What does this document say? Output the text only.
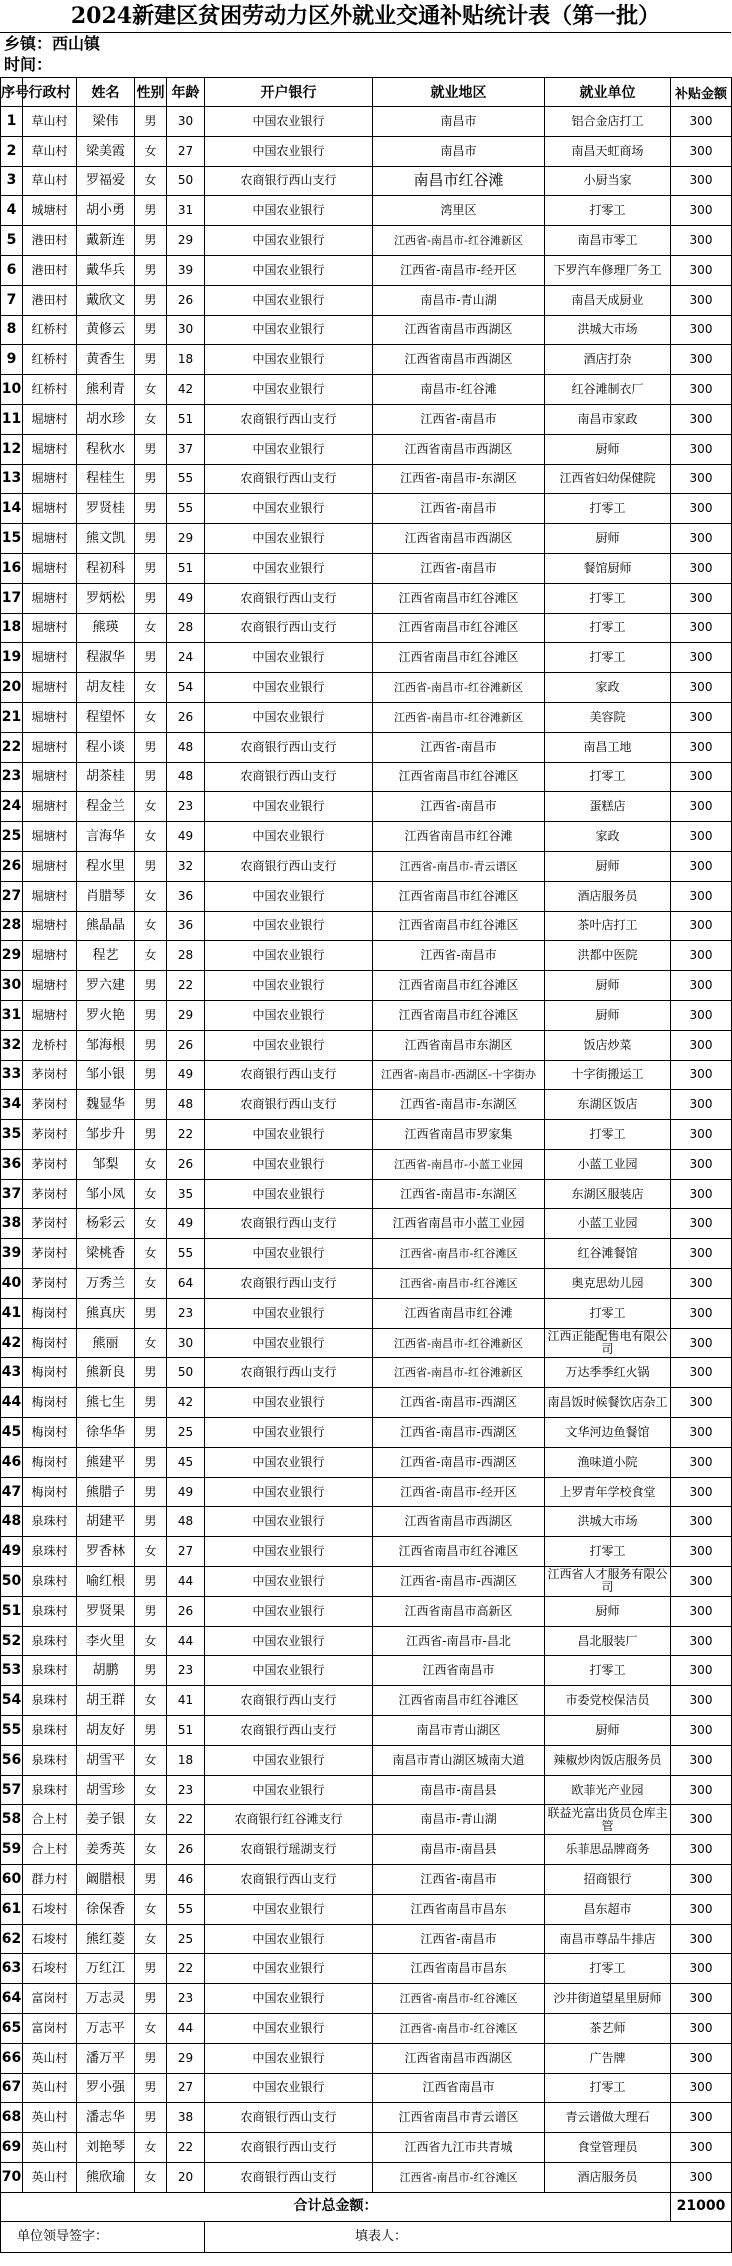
2024新建区贫困劳动力区外就业交通补贴统计表（第一批）
乡镇：西山镇
时间：
序号	行政村	姓名	性别	年龄	开户银行	就业地区	就业单位	补贴金额
1	草山村	梁伟	男	30	中国农业银行	南昌市	铝合金店打工	300
2	草山村	梁美霞	女	27	中国农业银行	南昌市	南昌天虹商场	300
3	草山村	罗福爱	女	50	农商银行西山支行	南昌市红谷滩	小厨当家	300
4	城塘村	胡小勇	男	31	中国农业银行	湾里区	打零工	300
5	港田村	戴新连	男	29	中国农业银行	江西省-南昌市-红谷滩新区	南昌市零工	300
6	港田村	戴华兵	男	39	中国农业银行	江西省-南昌市-经开区	下罗汽车修理厂务工	300
7	港田村	戴欣文	男	26	中国农业银行	南昌市-青山湖	南昌天成厨业	300
8	红桥村	黄修云	男	30	中国农业银行	江西省南昌市西湖区	洪城大市场	300
9	红桥村	黄香生	男	18	中国农业银行	江西省南昌市西湖区	酒店打杂	300
10	红桥村	熊利青	女	42	中国农业银行	南昌市-红谷滩	红谷滩制衣厂	300
11	堀塘村	胡水珍	女	51	农商银行西山支行	江西省-南昌市	南昌市家政	300
12	堀塘村	程秋水	男	37	中国农业银行	江西省南昌市西湖区	厨师	300
13	堀塘村	程桂生	男	55	农商银行西山支行	江西省-南昌市-东湖区	江西省妇幼保健院	300
14	堀塘村	罗贤桂	男	55	中国农业银行	江西省-南昌市	打零工	300
15	堀塘村	熊文凯	男	29	中国农业银行	江西省南昌市西湖区	厨师	300
16	堀塘村	程初科	男	51	中国农业银行	江西省-南昌市	餐馆厨师	300
17	堀塘村	罗炳松	男	49	农商银行西山支行	江西省南昌市红谷滩区	打零工	300
18	堀塘村	熊瑛	女	28	农商银行西山支行	江西省南昌市红谷滩区	打零工	300
19	堀塘村	程淑华	男	24	中国农业银行	江西省南昌市红谷滩区	打零工	300
20	堀塘村	胡友桂	女	54	中国农业银行	江西省-南昌市-红谷滩新区	家政	300
21	堀塘村	程望怀	女	26	中国农业银行	江西省-南昌市-红谷滩新区	美容院	300
22	堀塘村	程小谈	男	48	农商银行西山支行	江西省-南昌市	南昌工地	300
23	堀塘村	胡茶桂	男	48	农商银行西山支行	江西省南昌市红谷滩区	打零工	300
24	堀塘村	程金兰	女	23	中国农业银行	江西省-南昌市	蛋糕店	300
25	堀塘村	言海华	女	49	中国农业银行	江西省南昌市红谷滩	家政	300
26	堀塘村	程水里	男	32	农商银行西山支行	江西省-南昌市-青云谱区	厨师	300
27	堀塘村	肖腊琴	女	36	中国农业银行	江西省南昌市红谷滩区	酒店服务员	300
28	堀塘村	熊晶晶	女	36	中国农业银行	江西省南昌市红谷滩区	茶叶店打工	300
29	堀塘村	程艺	女	28	中国农业银行	江西省-南昌市	洪都中医院	300
30	堀塘村	罗六建	男	22	中国农业银行	江西省南昌市红谷滩区	厨师	300
31	堀塘村	罗火艳	男	29	中国农业银行	江西省南昌市红谷滩区	厨师	300
32	龙桥村	邹海根	男	26	中国农业银行	江西省南昌市东湖区	饭店炒菜	300
33	茅岗村	邹小银	男	49	农商银行西山支行	江西省-南昌市-西湖区-十字街办	十字街搬运工	300
34	茅岗村	魏显华	男	48	农商银行西山支行	江西省-南昌市-东湖区	东湖区饭店	300
35	茅岗村	邹步升	男	22	中国农业银行	江西省南昌市罗家集	打零工	300
36	茅岗村	邹梨	女	26	中国农业银行	江西省-南昌市-小蓝工业园	小蓝工业园	300
37	茅岗村	邹小凤	女	35	中国农业银行	江西省-南昌市-东湖区	东湖区服装店	300
38	茅岗村	杨彩云	女	49	农商银行西山支行	江西省南昌市小蓝工业园	小蓝工业园	300
39	茅岗村	梁桃香	女	55	中国农业银行	江西省-南昌市-红谷滩区	红谷滩餐馆	300
40	茅岗村	万秀兰	女	64	农商银行西山支行	江西省-南昌市-红谷滩区	奥克思幼儿园	300
41	梅岗村	熊真庆	男	23	中国农业银行	江西省南昌市红谷滩	打零工	300
42	梅岗村	熊丽	女	30	中国农业银行	江西省-南昌市-红谷滩新区	江西正能配售电有限公司	300
43	梅岗村	熊新良	男	50	农商银行西山支行	江西省-南昌市-红谷滩新区	万达季季红火锅	300
44	梅岗村	熊七生	男	42	中国农业银行	江西省-南昌市-西湖区	南昌饭时候餐饮店杂工	300
45	梅岗村	徐华华	男	25	中国农业银行	江西省-南昌市-西湖区	文华河边鱼餐馆	300
46	梅岗村	熊建平	男	45	中国农业银行	江西省-南昌市-西湖区	渔味道小院	300
47	梅岗村	熊腊子	男	49	中国农业银行	江西省-南昌市-经开区	上罗青年学校食堂	300
48	泉珠村	胡建平	男	48	中国农业银行	江西省南昌市西湖区	洪城大市场	300
49	泉珠村	罗香林	女	27	中国农业银行	江西省南昌市红谷滩区	打零工	300
50	泉珠村	喻红根	男	44	中国农业银行	江西省-南昌市-西湖区	江西省人才服务有限公司	300
51	泉珠村	罗贤果	男	26	中国农业银行	江西省南昌市高新区	厨师	300
52	泉珠村	李火里	女	44	中国农业银行	江西省-南昌市-昌北	昌北服装厂	300
53	泉珠村	胡鹏	男	23	中国农业银行	江西省南昌市	打零工	300
54	泉珠村	胡王群	女	41	农商银行西山支行	江西省南昌市红谷滩区	市委党校保洁员	300
55	泉珠村	胡友好	男	51	农商银行西山支行	南昌市青山湖区	厨师	300
56	泉珠村	胡雪平	女	18	中国农业银行	南昌市青山湖区城南大道	辣椒炒肉饭店服务员	300
57	泉珠村	胡雪珍	女	23	中国农业银行	南昌市-南昌县	欧菲光产业园	300
58	合上村	姜子银	女	22	农商银行红谷滩支行	南昌市-青山湖	联益光富出货员仓库主管	300
59	合上村	姜秀英	女	26	农商银行瑶湖支行	南昌市-南昌县	乐菲思品牌商务	300
60	群力村	阚腊根	男	46	农商银行西山支行	江西省-南昌市	招商银行	300
61	石埈村	徐保香	女	55	中国农业银行	江西省南昌市昌东	昌东超市	300
62	石埈村	熊红菱	女	25	中国农业银行	江西省-南昌市	南昌市尊品牛排店	300
63	石埈村	万红江	男	22	中国农业银行	江西省南昌市昌东	打零工	300
64	富岗村	万志灵	男	23	中国农业银行	江西省-南昌市-红谷滩区	沙井街道望星里厨师	300
65	富岗村	万志平	女	44	中国农业银行	江西省-南昌市-红谷滩区	茶艺师	300
66	英山村	潘万平	男	29	中国农业银行	江西省南昌市西湖区	广告牌	300
67	英山村	罗小强	男	27	中国农业银行	江西省南昌市	打零工	300
68	英山村	潘志华	男	38	农商银行西山支行	江西省南昌市青云谱区	青云谱做大理石	300
69	英山村	刘艳琴	女	22	农商银行西山支行	江西省九江市共青城	食堂管理员	300
70	英山村	熊欣瑜	女	20	农商银行西山支行	江西省-南昌市-红谷滩区	酒店服务员	300
合计总金额：								21000
单位领导签字：					填表人：			
